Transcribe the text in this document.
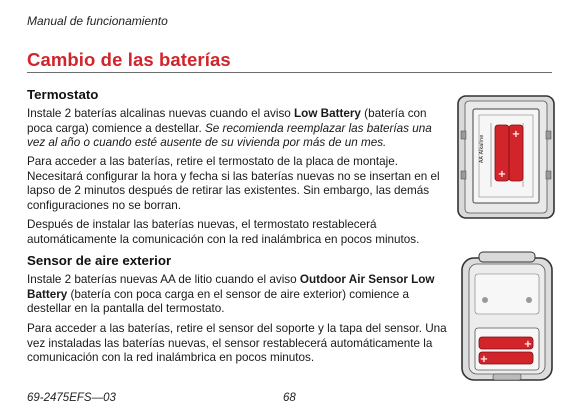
Manual de funcionamiento
Cambio de las baterías
Termostato
Instale 2 baterías alcalinas nuevas cuando el aviso Low Battery (batería con poca carga) comience a destellar. Se recomienda reemplazar las baterías una vez al año o cuando esté ausente de su vivienda por más de un mes.
Para acceder a las baterías, retire el termostato de la placa de montaje. Necesitará configurar la hora y fecha si las baterías nuevas no se insertan en el lapso de 2 minutos después de retirar las existentes. Sin embargo, las demás configuraciones no se borran.
Después de instalar las baterías nuevas, el termostato restablecerá automáticamente la comunicación con la red inalámbrica en pocos minutos.
Sensor de aire exterior
Instale 2 baterías nuevas AA de litio cuando el aviso Outdoor Air Sensor Low Battery (batería con poca carga en el sensor de aire exterior) comience a destellar en la pantalla del termostato.
Para acceder a las baterías, retire el sensor del soporte y la tapa del sensor. Una vez instaladas las baterías nuevas, el sensor restablecerá automáticamente la comunicación con la red inalámbrica en pocos minutos.
+
+
AA Alkaline
+
+
69-2475EFS—03	68
